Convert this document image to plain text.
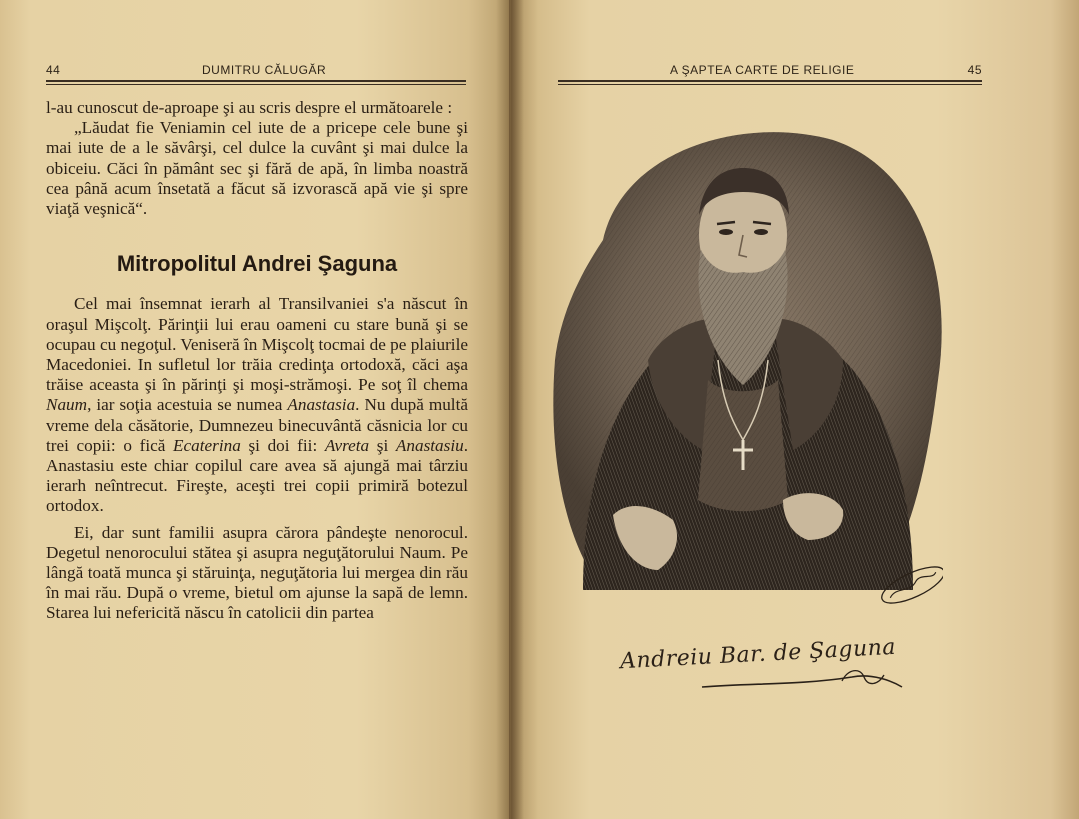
44	DUMITRU CĂLUGĂR

l-au cunoscut de-aproape şi au scris despre el următoarele :

„Lăudat fie Veniamin cel iute de a pricepe cele bune şi mai iute de a le săvârşi, cel dulce la cuvânt şi mai dulce la obiceiu. Căci în pământ sec şi fără de apă, în limba noastră cea până acum însetată a făcut să izvorască apă vie şi spre viaţă veşnică“.

Mitropolitul Andrei Şaguna

Cel mai însemnat ierarh al Transilvaniei s'a născut în oraşul Mişcolţ. Părinţii lui erau oameni cu stare bună şi se ocupau cu negoţul. Veniseră în Mişcolţ tocmai de pe plaiurile Macedoniei. In sufletul lor trăia credinţa ortodoxă, căci aşa trăise aceasta şi în părinţi şi moşi-strămoşi. Pe soţ îl chema Naum, iar soţia acestuia se numea Anastasia. Nu după multă vreme dela căsătorie, Dumnezeu binecuvântă căsnicia lor cu trei copii: o fică Ecaterina şi doi fii: Avreta şi Anastasiu. Anastasiu este chiar copilul care avea să ajungă mai târziu ierarh neîntrecut. Fireşte, aceşti trei copii primiră botezul ortodox.

Ei, dar sunt familii asupra cărora pândeşte nenorocul. Degetul nenorocului stătea şi asupra neguţătorului Naum. Pe lângă toată munca şi stăruinţa, neguţătoria lui mergea din rău în mai rău. După o vreme, bietul om ajunse la sapă de lemn. Starea lui nefericită născu în catolicii din partea

A ŞAPTEA CARTE DE RELIGIE	45
Andreiu Bar. de Şaguna
